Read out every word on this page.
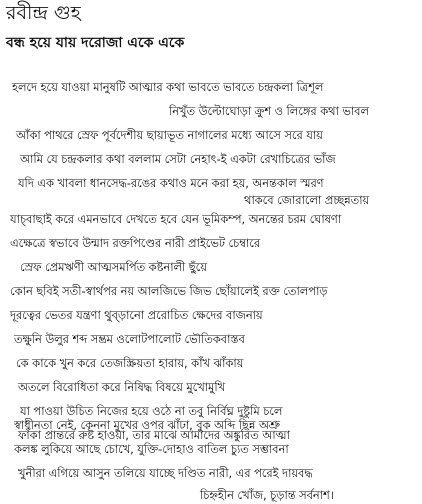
রবীন্দ্র গুহ
বন্ধ হয়ে যায় দরোজা একে একে
হলদে হয়ে যাওয়া মানুষটি আত্মার কথা ভাবতে ভাবতে চন্দ্রকলা ত্রিশূল
নিখুঁত উল্টোঘোড়া ক্রুশ ও লিঙ্গের কথা ভাবল
আঁকা পাথরে স্রেফ পূর্বদেশীয় ছায়াভূত নাগালের মধ্যে আসে সরে যায়
আমি যে চন্দ্রকলার কথা বললাম সেটা নেহাৎ-ই একটা রেখাচিত্রের ভাঁজ
যদি এক খাবলা ধানসেদ্ধ-রঙের কথাও মনে করা হয়, অনন্তকাল স্মরণ
থাকবে জোরালো প্রচ্ছন্নতায়
যাচ্‌বাছাই করে এমনভাবে দেখতে হবে যেন ভূমিকম্প, অনন্তের চরম ঘোষণা
এক্ষেত্রে স্বভাবে উন্মাদ রক্তপিণ্ডের নারী প্রাইভেট চেম্বারে
স্রেফ প্রেমঋণী আত্মসমর্পিত কষ্টনালী ছুঁয়ে
কোন ছবিই সতী-স্বার্থপর নয় আলজিভে জিভ ছোঁয়ালেই রক্ত তোলপাড়
দূরত্বের ভেতর যন্ত্রণা থুব্‌ড়ানো প্ররোচিত ক্ষেদের বাজনায়
তক্ষুনি উলুর শব্দ সম্ভ্রম ওলোটপালোট ভৌতিকবাস্তব
কে কাকে খুন করে তেজস্ক্রিয়তা হারায়, কাঁখ ঝাঁকায়
অতলে বিরোধিতা করে নিষিদ্ধ বিষয়ে মুখোমুখি
যা পাওয়া উচিত নিজের হয়ে ওঠে না তবু নির্বিঘ্ন দুষ্টুমি চলে
ফাঁকা প্রান্তরে রুষ্ট হাওয়া, তার মাঝে আমাদের অঙ্কুরিত আত্মা
স্বাধীনতা নেই, কেননা মুখের ওপর ঝাঁঢা, বুক অব্দি ছিন্ন অশ্রু
কলঙ্ক লুকিয়ে আছে চোখে, যুক্তি-দোহাও বাতিল চ্যুত সম্ভাবনা
খুনীরা এগিয়ে আসুন তলিয়ে যাচ্ছে দণ্ডিত নারী, এর পরেই দায়বদ্ধ
চিহ্নহীন খোঁজ, চূড়ান্ত সর্বনাশ।
